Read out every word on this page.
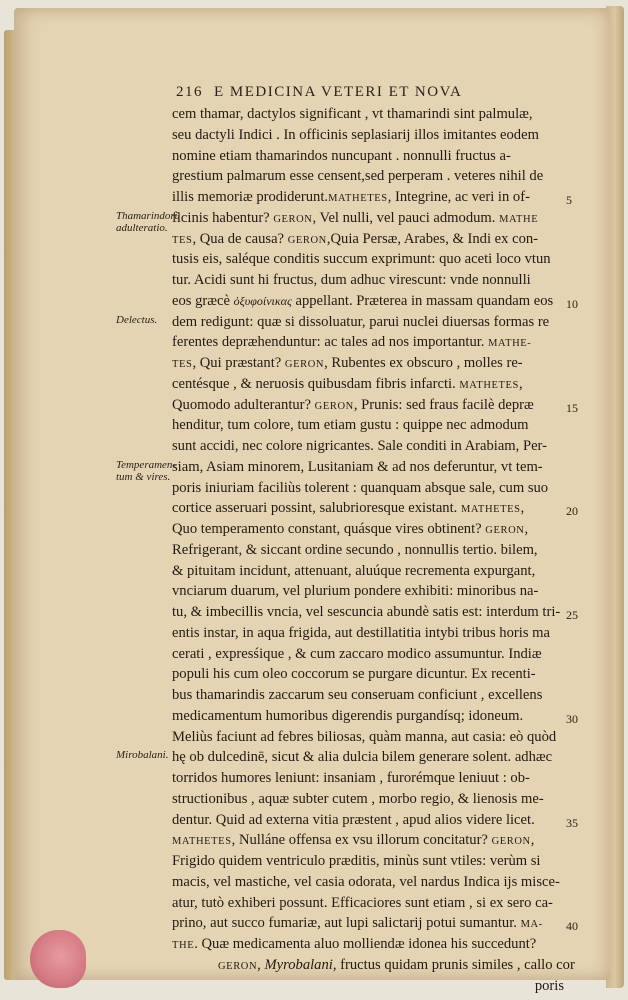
216 E MEDICINA VETERI ET NOVA
cem thamar, dactylos significant , vt thamarindi sint palmulæ,
seu dactyli Indici . In officinis seplasiarij illos imitantes eodem
nomine etiam thamarindos nuncupant . nonnulli fructus a-
grestium palmarum esse censent,sed perperam . veteres nihil de
illis memoriæ prodiderunt.MATHETES, Integrine, ac veri in of-
ficinis habentur? GERON, Vel nulli, vel pauci admodum. MATHE
TES, Qua de causa? GERON,Quia Persæ, Arabes, & Indi ex con-
tusis eis, saléque conditis succum exprimunt: quo aceti loco vtun
tur. Acidi sunt hi fructus, dum adhuc virescunt: vnde nonnulli
eos græcè ὀξυφοίνικας appellant. Præterea in massam quandam eos
dem redigunt: quæ si dissoluatur, parui nuclei diuersas formas re
ferentes depræhenduntur: ac tales ad nos importantur. MATHE-
TES, Qui præstant? GERON, Rubentes ex obscuro , molles re-
centésque , & neruosis quibusdam fibris infarcti. MATHETES,
Quomodo adulterantur? GERON, Prunis: sed fraus facilè depræ
henditur, tum colore, tum etiam gustu : quippe nec admodum
sunt accidi, nec colore nigricantes. Sale conditi in Arabiam, Per-
siam, Asiam minorem, Lusitaniam & ad nos deferuntur, vt tem-
poris iniuriam faciliùs tolerent : quanquam absque sale, cum suo
cortice asseruari possint, salubrioresque existant. MATHETES,
Quo temperamento constant, quásque vires obtinent? GERON,
Refrigerant, & siccant ordine secundo , nonnullis tertio. bilem,
& pituitam incidunt, attenuant, aluúque recrementa expurgant,
vnciarum duarum, vel plurium pondere exhibiti: minoribus na-
tu, & imbecillis vncia, vel sescuncia abundè satis est: interdum tri-
entis instar, in aqua frigida, aut destillatitia intybi tribus horis ma
cerati , expresśique , & cum zaccaro modico assumuntur. Indiæ
populi his cum oleo coccorum se purgare dicuntur. Ex recenti-
bus thamarindis zaccarum seu conseruam conficiunt , excellens
medicamentum humoribus digerendis purgandísq; idoneum.
Meliùs faciunt ad febres biliosas, quàm manna, aut casia: eò quòd
hę ob dulcedinē, sicut & alia dulcia bilem generare solent. adhæc
torridos humores leniunt: insaniam , furorémque leniuut : ob-
structionibus , aquæ subter cutem , morbo regio, & lienosis me-
dentur. Quid ad externa vitia præstent , apud alios videre licet.
MATHETES, Nulláne offensa ex vsu illorum concitatur? GERON,
Frigido quidem ventriculo præditis, minùs sunt vtiles: verùm si
macis, vel mastiche, vel casia odorata, vel nardus Indica ijs misce-
atur, tutò exhiberi possunt. Efficaciores sunt etiam , si ex sero ca-
prino, aut succo fumariæ, aut lupi salictarij potui sumantur. MA-
THE. Quæ medicamenta aluo molliendæ idonea his succedunt?
GERON, Myrobalani, fructus quidam prunis similes , callo cor
poris
Thamarindorũ adulteratio.
Delectus.
Temperamen- tum & vires.
Mirobalani.
5
10
15
20
25
30
35
40
